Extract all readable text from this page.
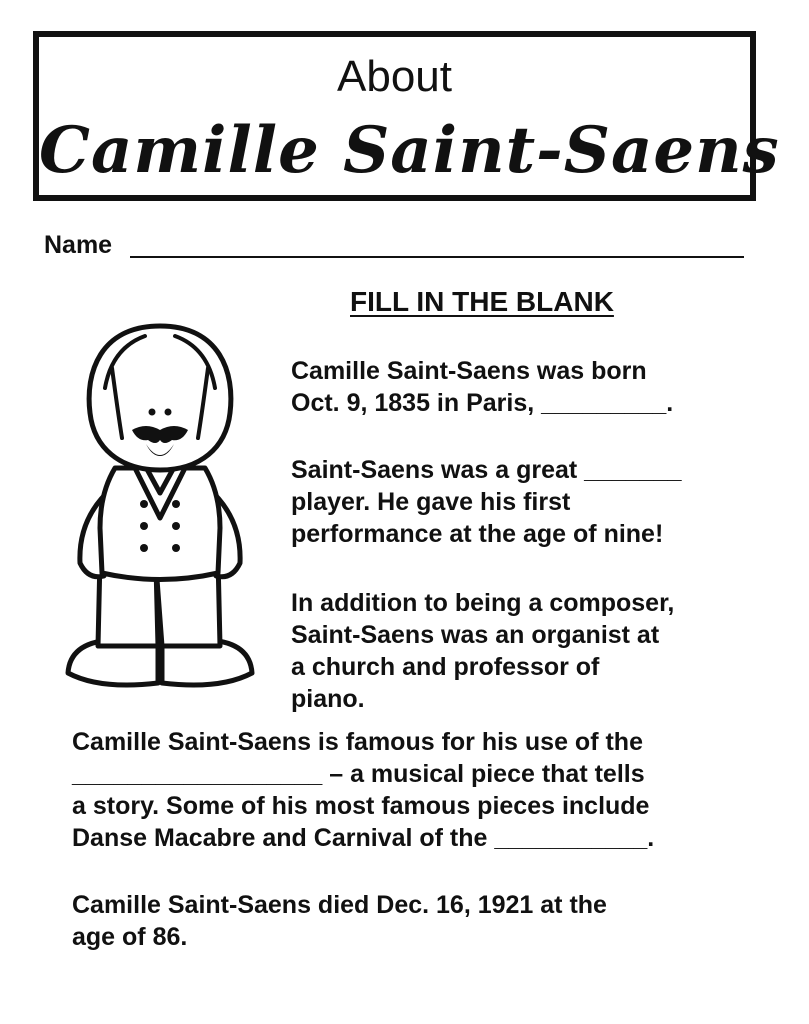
About
Camille Saint-Saens
Name
FILL IN THE BLANK
Camille Saint-Saens was born
Oct. 9, 1835 in Paris, _________.
Saint-Saens was a great _______
player. He gave his first
performance at the age of nine!
In addition to being a composer,
Saint-Saens was an organist at
a church and professor of
piano.
Camille Saint-Saens is famous for his use of the
__________________ – a musical piece that tells
a story. Some of his most famous pieces include
Danse Macabre and Carnival of the ___________.
Camille Saint-Saens died Dec. 16, 1921 at the
age of 86.
